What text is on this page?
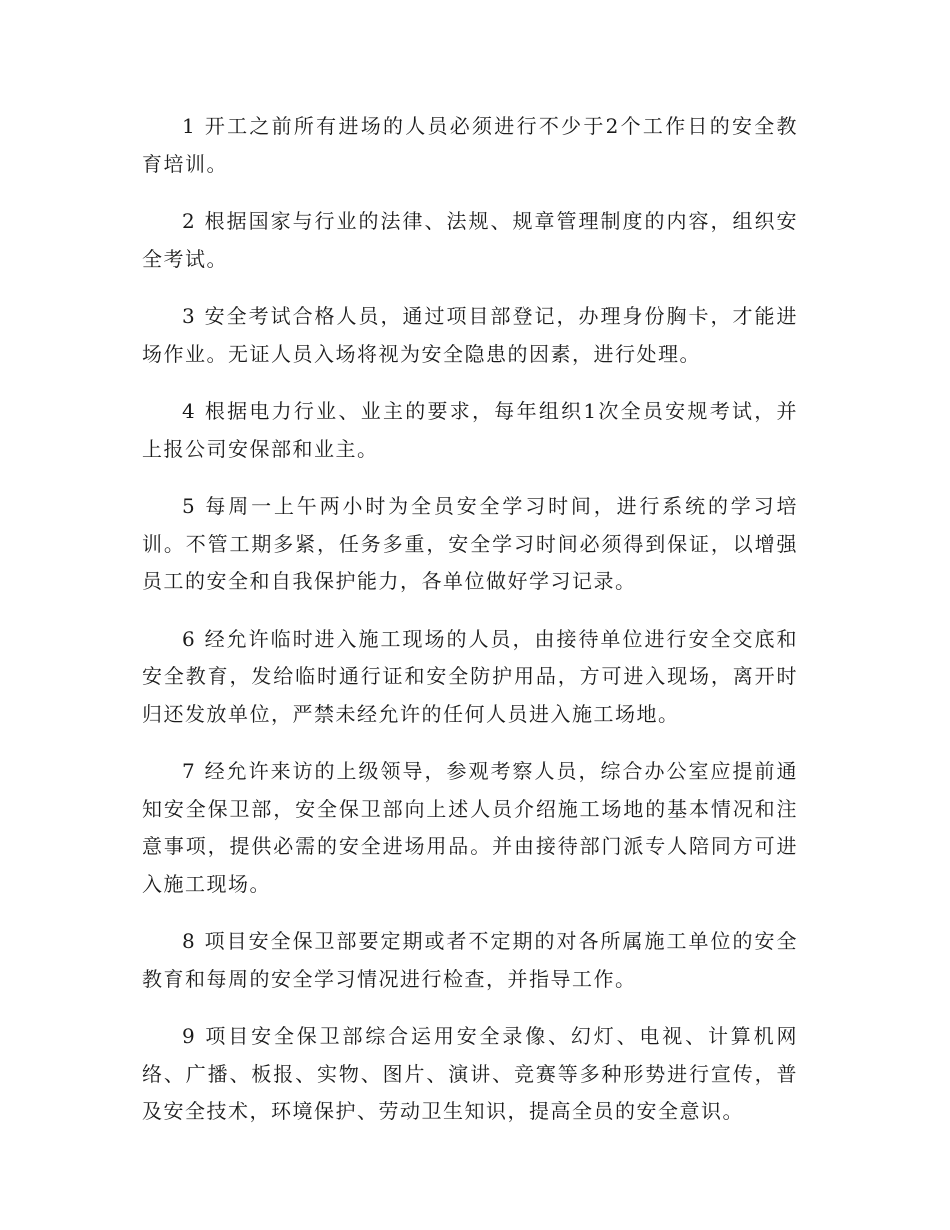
1 开工之前所有进场的人员必须进行不少于2个工作日的安全教育培训。

2 根据国家与行业的法律、法规、规章管理制度的内容，组织安全考试。

3 安全考试合格人员，通过项目部登记，办理身份胸卡，才能进场作业。无证人员入场将视为安全隐患的因素，进行处理。

4 根据电力行业、业主的要求，每年组织1次全员安规考试，并上报公司安保部和业主。

5 每周一上午两小时为全员安全学习时间，进行系统的学习培训。不管工期多紧，任务多重，安全学习时间必须得到保证，以增强员工的安全和自我保护能力，各单位做好学习记录。

6 经允许临时进入施工现场的人员，由接待单位进行安全交底和安全教育，发给临时通行证和安全防护用品，方可进入现场，离开时归还发放单位，严禁未经允许的任何人员进入施工场地。

7 经允许来访的上级领导，参观考察人员，综合办公室应提前通知安全保卫部，安全保卫部向上述人员介绍施工场地的基本情况和注意事项，提供必需的安全进场用品。并由接待部门派专人陪同方可进入施工现场。

8 项目安全保卫部要定期或者不定期的对各所属施工单位的安全教育和每周的安全学习情况进行检查，并指导工作。

9 项目安全保卫部综合运用安全录像、幻灯、电视、计算机网络、广播、板报、实物、图片、演讲、竞赛等多种形势进行宣传，普及安全技术，环境保护、劳动卫生知识，提高全员的安全意识。
